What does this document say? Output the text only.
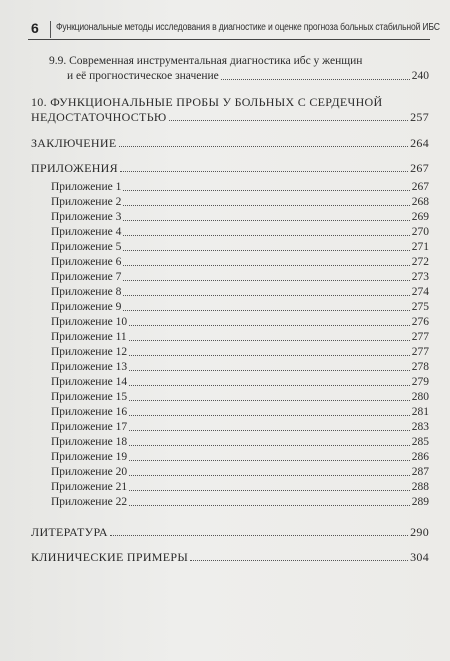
6 Функциональные методы исследования в диагностике и оценке прогноза больных стабильной ИБС
9.9. Современная инструментальная диагностика ибс у женщин
и её прогностическое значение	240
10. ФУНКЦИОНАЛЬНЫЕ ПРОБЫ У БОЛЬНЫХ С СЕРДЕЧНОЙ
НЕДОСТАТОЧНОСТЬЮ	257
ЗАКЛЮЧЕНИЕ	264
ПРИЛОЖЕНИЯ	267
Приложение 1	267
Приложение 2	268
Приложение 3	269
Приложение 4	270
Приложение 5	271
Приложение 6	272
Приложение 7	273
Приложение 8	274
Приложение 9	275
Приложение 10	276
Приложение 11	277
Приложение 12	277
Приложение 13	278
Приложение 14	279
Приложение 15	280
Приложение 16	281
Приложение 17	283
Приложение 18	285
Приложение 19	286
Приложение 20	287
Приложение 21	288
Приложение 22	289
ЛИТЕРАТУРА	290
КЛИНИЧЕСКИЕ ПРИМЕРЫ	304
